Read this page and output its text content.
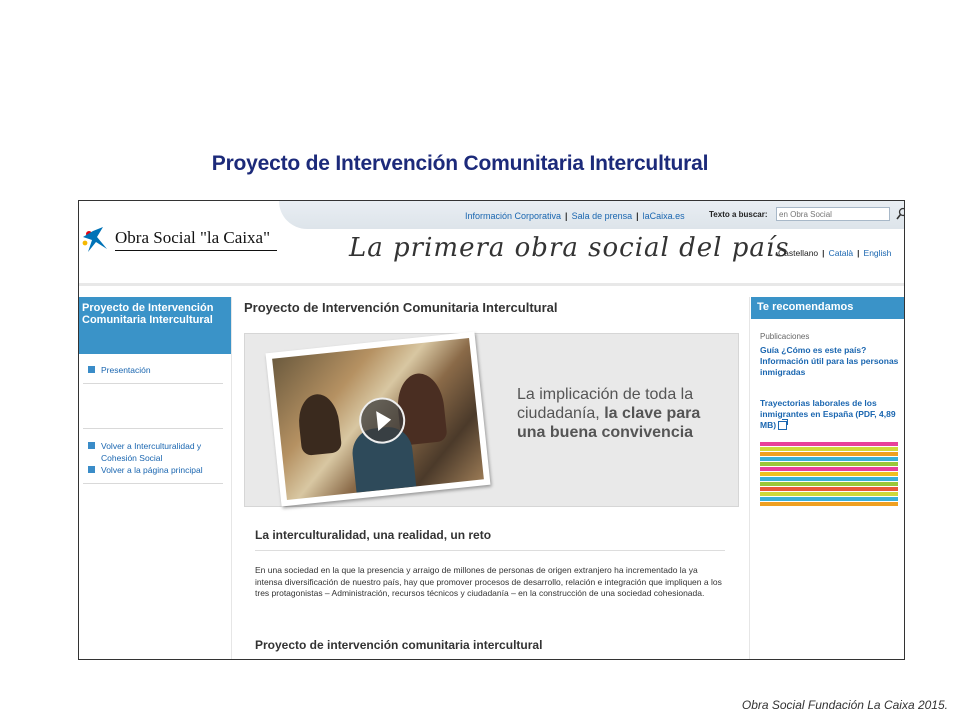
Proyecto de Intervención Comunitaria Intercultural
Información Corporativa | Sala de prensa | laCaixa.es	Texto a buscar:
en Obra Social
Obra Social "la Caixa"	La primera obra social del país
Castellano | Català | English
Proyecto de Intervención Comunitaria Intercultural
Presentación
Volver a Interculturalidad y Cohesión Social
Volver a la página principal
Proyecto de Intervención Comunitaria Intercultural
La implicación de toda la ciudadanía, la clave para una buena convivencia
La interculturalidad, una realidad, un reto
En una sociedad en la que la presencia y arraigo de millones de personas de origen extranjero ha incrementado la ya intensa diversificación de nuestro país, hay que promover procesos de desarrollo, relación e integración que impliquen a los tres protagonistas – Administración, recursos técnicos y ciudadanía – en la construcción de una sociedad cohesionada.
Proyecto de intervención comunitaria intercultural
Te recomendamos
Publicaciones
Guía ¿Cómo es este país? Información útil para las personas inmigradas
Trayectorias laborales de los inmigrantes en España (PDF, 4,89 MB)
Obra Social Fundación La Caixa 2015.
